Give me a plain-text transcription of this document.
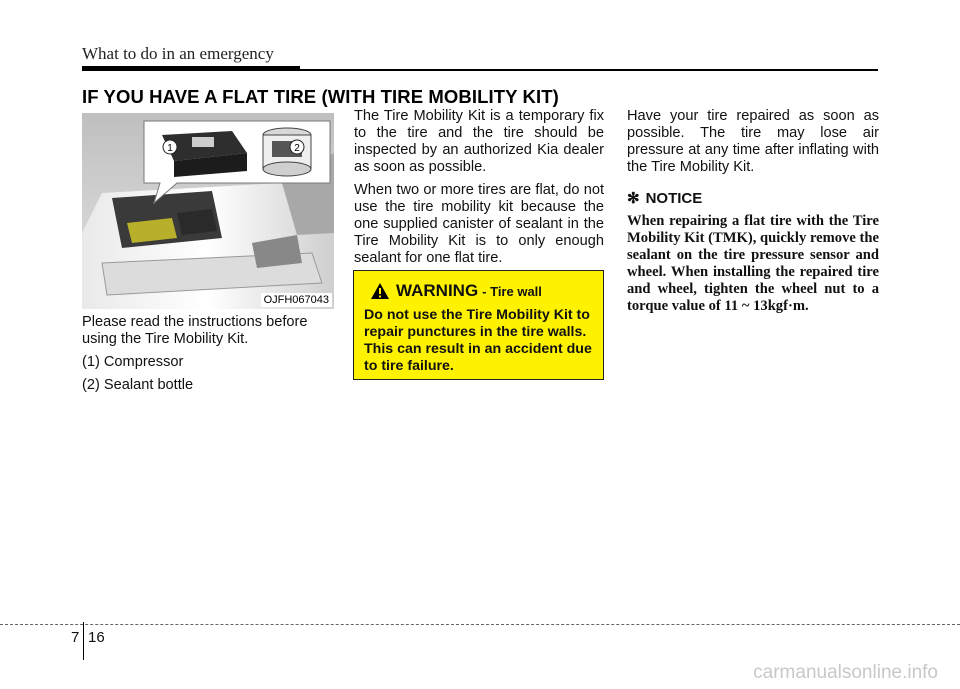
What to do in an emergency
IF YOU HAVE A FLAT TIRE (WITH TIRE MOBILITY KIT)
1	2
OJFH067043

Please read the instructions before using the Tire Mobility Kit.

(1) Compressor

(2) Sealant bottle

The Tire Mobility Kit is a temporary fix to the tire and the tire should be inspected by an authorized Kia dealer as soon as possible.

When two or more tires are flat, do not use the tire mobility kit because the one supplied canister of sealant in the Tire Mobility Kit is to only enough sealant for one flat tire.

WARNING - Tire wall
Do not use the Tire Mobility Kit to repair punctures in the tire walls. This can result in an accident due to tire failure.

Have your tire repaired as soon as possible. The tire may lose air pressure at any time after inflating with the Tire Mobility Kit.

✻ NOTICE
When repairing a flat tire with the Tire Mobility Kit (TMK), quickly remove the sealant on the tire pressure sensor and wheel. When installing the repaired tire and wheel, tighten the wheel nut to a torque value of 11 ~ 13kgf·m.
7 16
carmanualsonline.info
